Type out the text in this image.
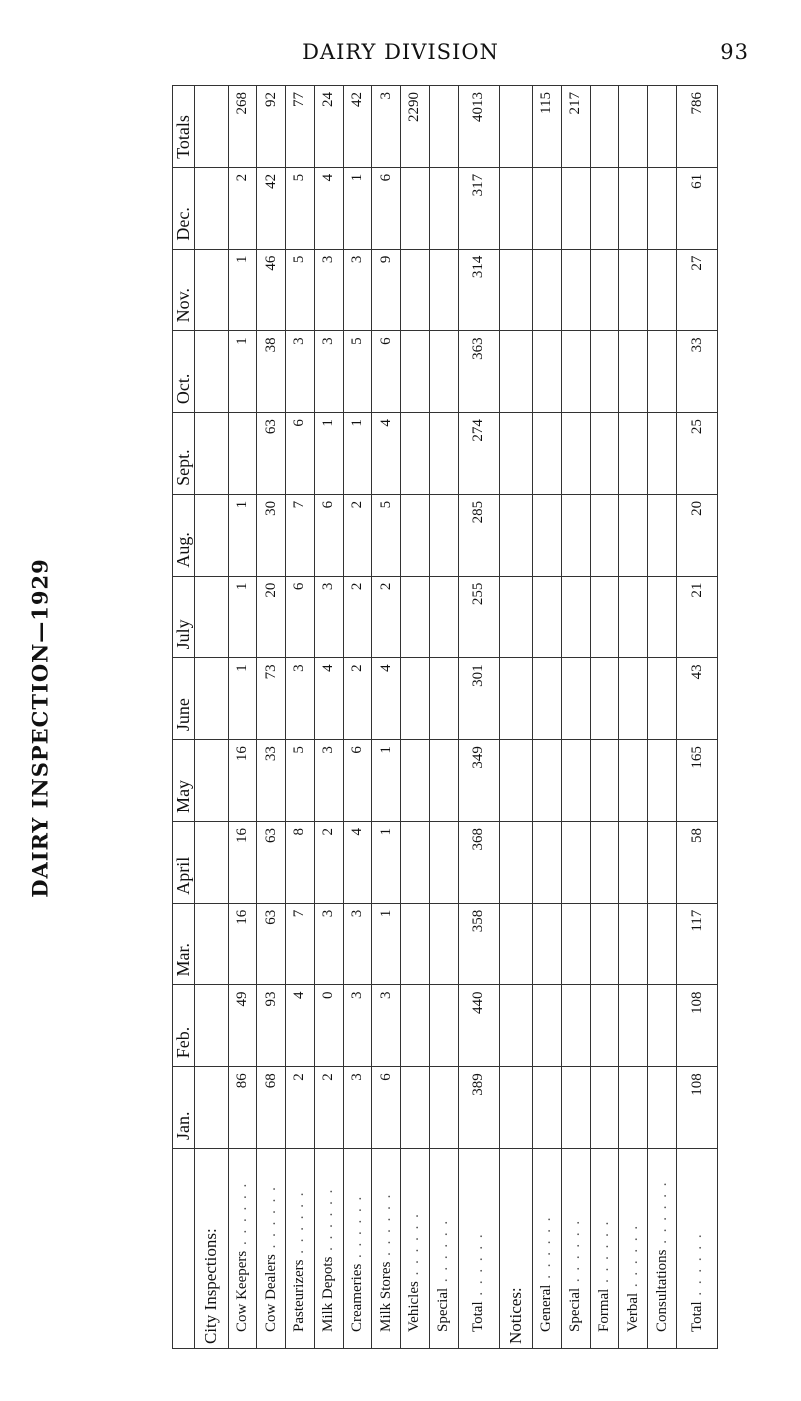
DAIRY DIVISION	93
DAIRY INSPECTION—1929
	Jan.	Feb.	Mar.	April	May	June	July	Aug.	Sept.	Oct.	Nov.	Dec.	Totals
City Inspections:													
Cow Keepers . . . . . .	86	49	16	16	16	1	1	1		1	1	2	268
Cow Dealers . . . . . .	68	93	63	63	33	73	20	30	63	38	46	42	92
Pasteurizers . . . . . .	2	4	7	8	5	3	6	7	6	3	5	5	77
Milk Depots . . . . . .	2	0	3	2	3	4	3	6	1	3	3	4	24
Creameries . . . . . .	3	3	3	4	6	2	2	2	1	5	3	1	42
Milk Stores . . . . . .	6	3	1	1	1	4	2	5	4	6	9	6	3
Vehicles . . . . . .													2290
Special . . . . . .													
Total . . . . . .	389	440	358	368	349	301	255	285	274	363	314	317	4013
Notices:													
General . . . . . .													115
Special . . . . . .													217
Formal . . . . . .													
Verbal . . . . . .													
Consultations . . . . . .													
Total . . . . . .	108	108	117	58	165	43	21	20	25	33	27	61	786
